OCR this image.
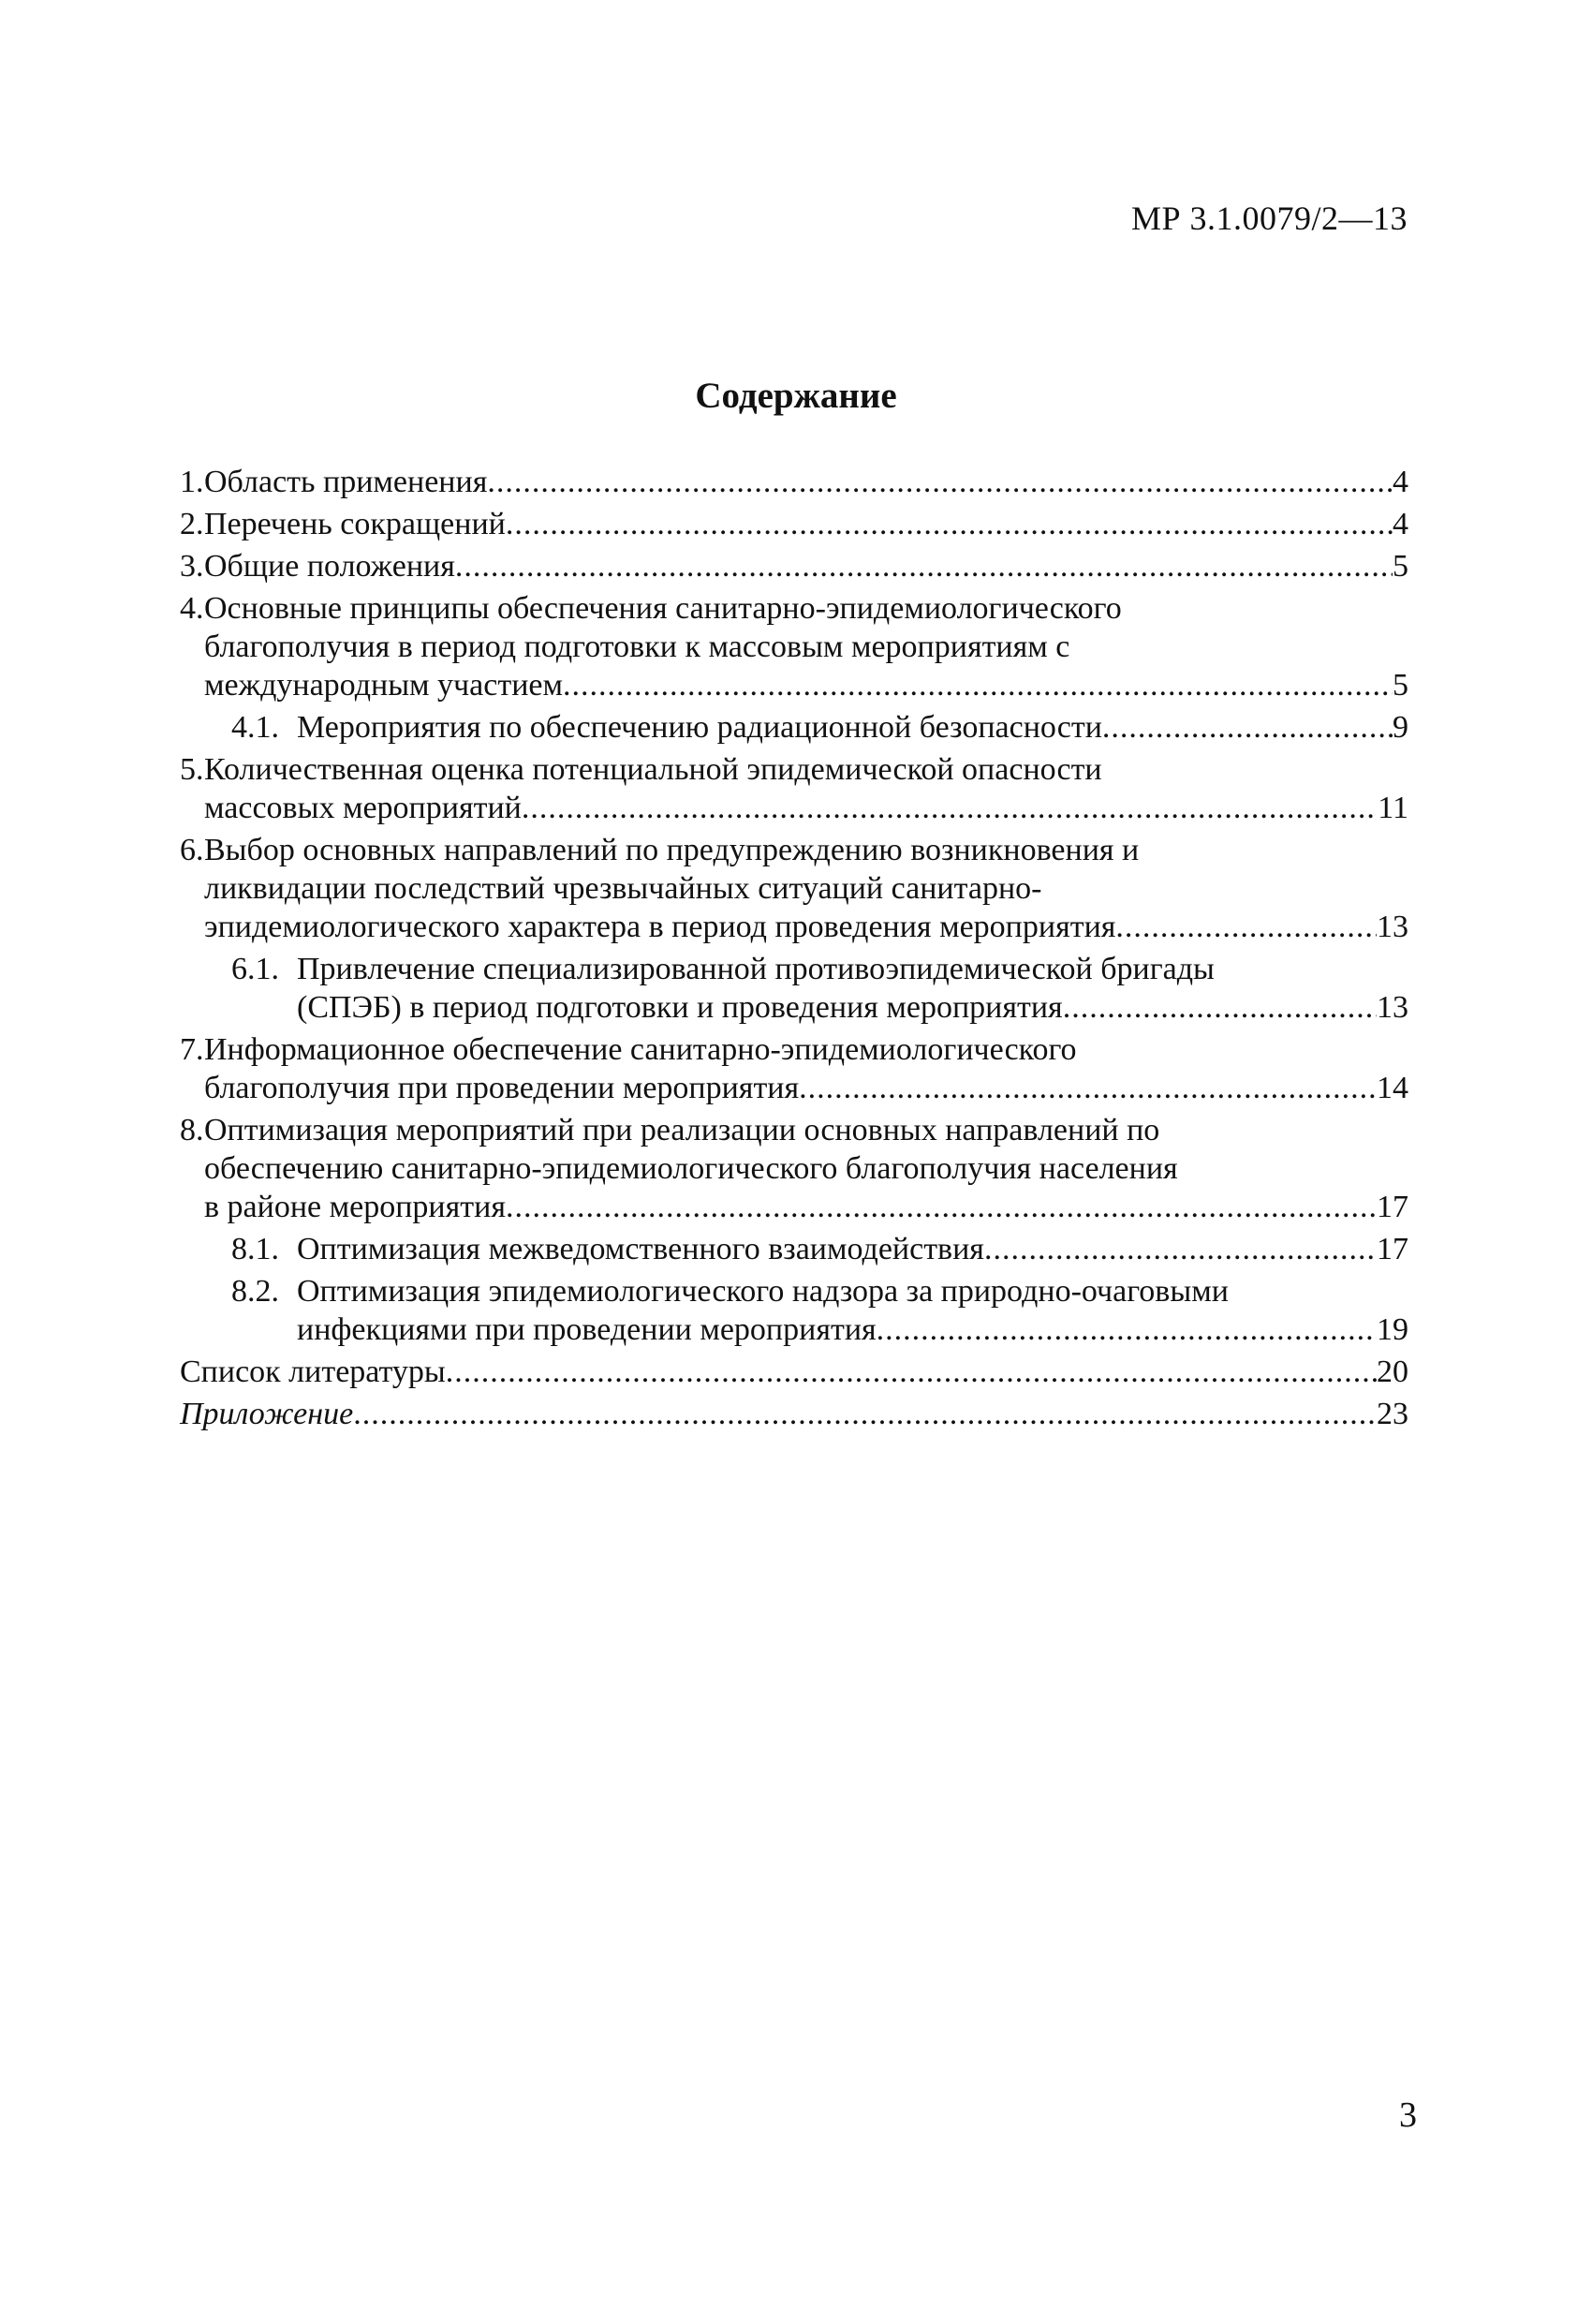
МР 3.1.0079/2—13
Содержание
1. Область применения .....	4
2. Перечень сокращений .....	4
3. Общие положения .....	5
4. Основные принципы обеспечения санитарно-эпидемиологического
благополучия в период подготовки к массовым мероприятиям с
международным участием .....	5
4.1. Мероприятия по обеспечению радиационной безопасности .....	9
5. Количественная оценка потенциальной эпидемической опасности
массовых мероприятий .....	11
6. Выбор основных направлений по предупреждению возникновения и
ликвидации последствий чрезвычайных ситуаций санитарно-
эпидемиологического характера в период проведения мероприятия .....	13
6.1. Привлечение специализированной противоэпидемической бригады
(СПЭБ) в период подготовки и проведения мероприятия .....	13
7. Информационное обеспечение санитарно-эпидемиологического
благополучия при проведении мероприятия .....	14
8. Оптимизация мероприятий при реализации основных направлений по
обеспечению санитарно-эпидемиологического благополучия населения
в районе мероприятия .....	17
8.1. Оптимизация межведомственного взаимодействия .....	17
8.2. Оптимизация эпидемиологического надзора за природно-очаговыми
инфекциями при проведении мероприятия .....	19
Список литературы .....	20
Приложение .....	23
3
